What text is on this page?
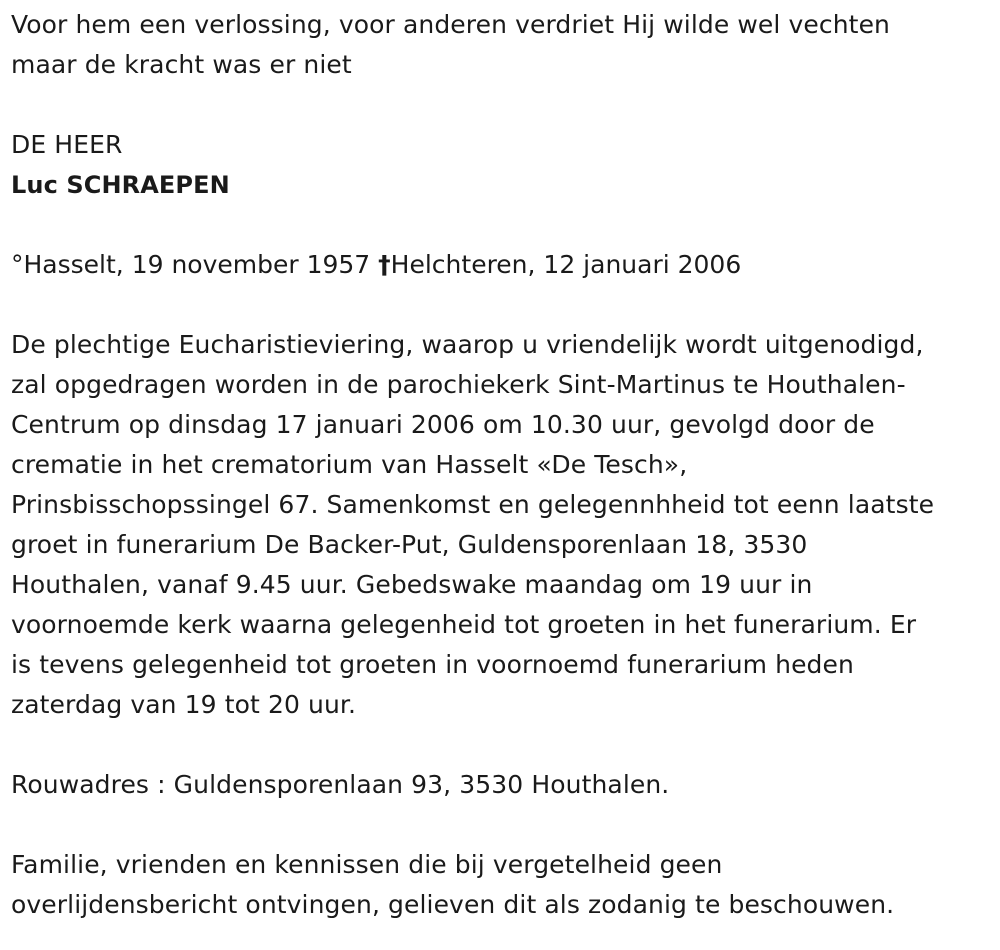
Voor hem een verlossing, voor anderen verdriet Hij wilde wel vechten
maar de kracht was er niet

DE HEER

Luc SCHRAEPEN

°Hasselt, 19 november 1957 †Helchteren, 12 januari 2006

De plechtige Eucharistieviering, waarop u vriendelijk wordt uitgenodigd,
zal opgedragen worden in de parochiekerk Sint-Martinus te Houthalen-
Centrum op dinsdag 17 januari 2006 om 10.30 uur, gevolgd door de
crematie in het crematorium van Hasselt «De Tesch»,
Prinsbisschopssingel 67. Samenkomst en gelegennhheid tot eenn laatste
groet in funerarium De Backer-Put, Guldensporenlaan 18, 3530
Houthalen, vanaf 9.45 uur. Gebedswake maandag om 19 uur in
voornoemde kerk waarna gelegenheid tot groeten in het funerarium. Er
is tevens gelegenheid tot groeten in voornoemd funerarium heden
zaterdag van 19 tot 20 uur.

Rouwadres : Guldensporenlaan 93, 3530 Houthalen.

Familie, vrienden en kennissen die bij vergetelheid geen
overlijdensbericht ontvingen, gelieven dit als zodanig te beschouwen.
